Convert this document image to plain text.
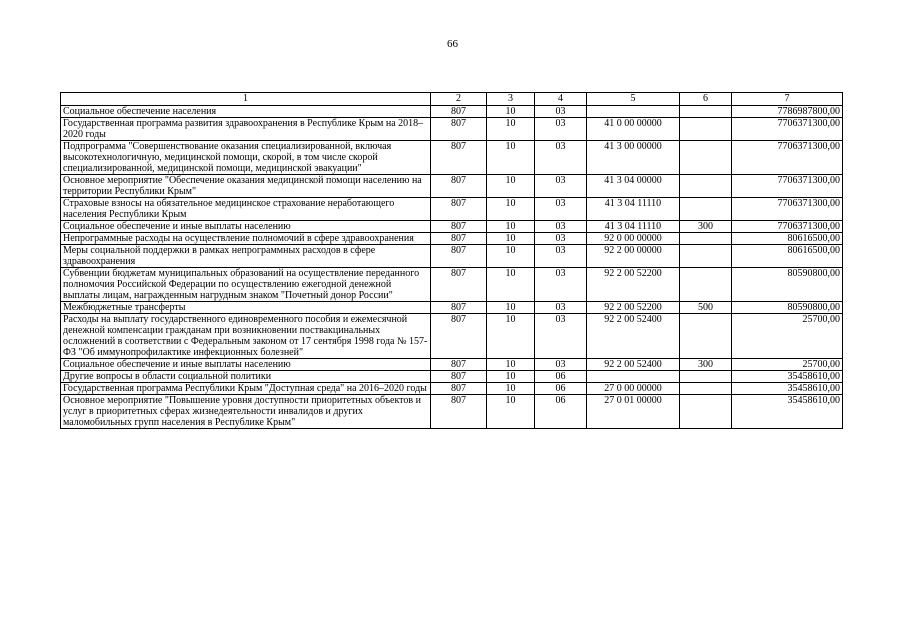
66
1	2	3	4	5	6	7
Социальное обеспечение населения	807	10	03			7786987800,00
Государственная программа развития здравоохранения в Республике Крым на 2018–2020 годы	807	10	03	41 0 00 00000		7706371300,00
Подпрограмма "Совершенствование оказания специализированной, включая высокотехнологичную, медицинской помощи, скорой, в том числе скорой специализированной, медицинской помощи, медицинской эвакуации"	807	10	03	41 3 00 00000		7706371300,00
Основное мероприятие "Обеспечение оказания медицинской помощи населению на территории Республики Крым"	807	10	03	41 3 04 00000		7706371300,00
Страховые взносы на обязательное медицинское страхование неработающего населения Республики Крым	807	10	03	41 3 04 11110		7706371300,00
Социальное обеспечение и иные выплаты населению	807	10	03	41 3 04 11110	300	7706371300,00
Непрограммные расходы на осуществление полномочий в сфере здравоохранения	807	10	03	92 0 00 00000		80616500,00
Меры социальной поддержки в рамках непрограммных расходов в сфере здравоохранения	807	10	03	92 2 00 00000		80616500,00
Субвенции бюджетам муниципальных образований на осуществление переданного полномочия Российской Федерации по осуществлению ежегодной денежной выплаты лицам, награжденным нагрудным знаком "Почетный донор России"	807	10	03	92 2 00 52200		80590800,00
Межбюджетные трансферты	807	10	03	92 2 00 52200	500	80590800,00
Расходы на выплату государственного единовременного пособия и ежемесячной денежной компенсации гражданам при возникновении поствакцинальных осложнений в соответствии с Федеральным законом от 17 сентября 1998 года № 157-ФЗ "Об иммунопрофилактике инфекционных болезней"	807	10	03	92 2 00 52400		25700,00
Социальное обеспечение и иные выплаты населению	807	10	03	92 2 00 52400	300	25700,00
Другие вопросы в области социальной политики	807	10	06			35458610,00
Государственная программа Республики Крым "Доступная среда" на 2016–2020 годы	807	10	06	27 0 00 00000		35458610,00
Основное мероприятие "Повышение уровня доступности приоритетных объектов и услуг в приоритетных сферах жизнедеятельности инвалидов и других маломобильных групп населения в Республике Крым"	807	10	06	27 0 01 00000		35458610,00
